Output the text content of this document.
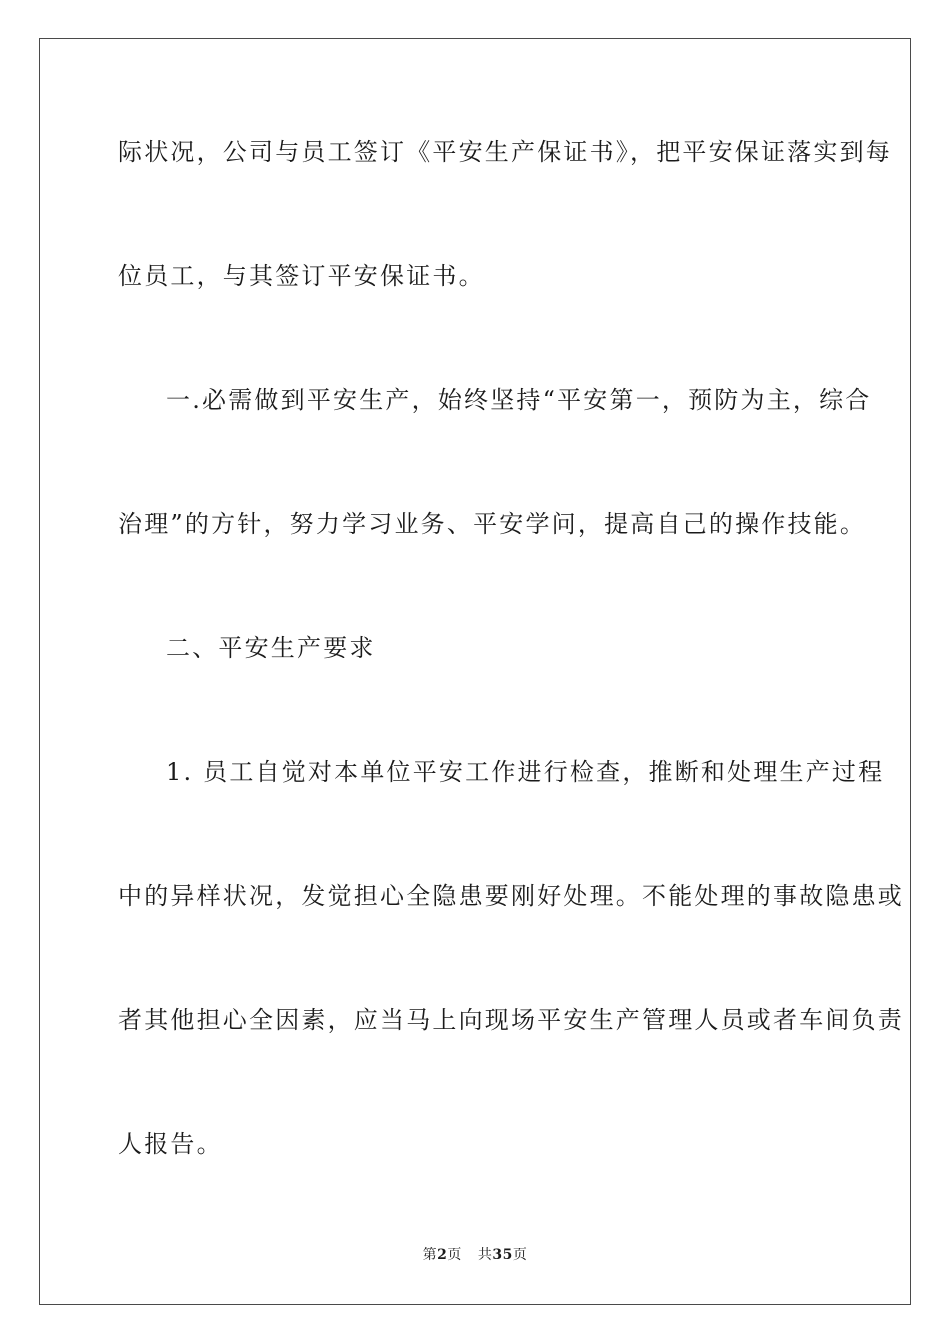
际状况，公司与员工签订《平安生产保证书》，把平安保证落实到每
位员工，与其签订平安保证书。
一.必需做到平安生产，始终坚持“平安第一，预防为主，综合
治理”的方针，努力学习业务、平安学问，提高自己的操作技能。
二、平安生产要求
1. 员工自觉对本单位平安工作进行检查，推断和处理生产过程
中的异样状况，发觉担心全隐患要刚好处理。不能处理的事故隐患或
者其他担心全因素，应当马上向现场平安生产管理人员或者车间负责
人报告。
第2页 共35页
